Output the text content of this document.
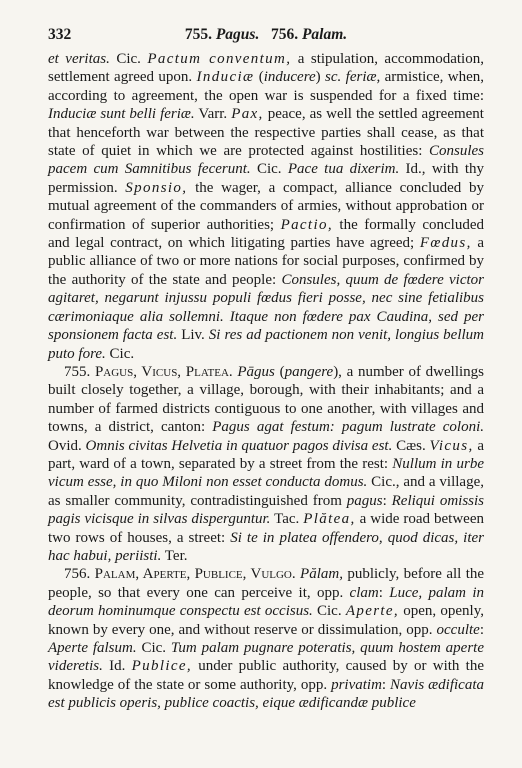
332	755. Pagus. 756. Palam.

et veritas. Cic. Pactum conventum, a stipulation, accommodation, settlement agreed upon. Induciæ (inducere) sc. feriæ, armistice, when, according to agreement, the open war is suspended for a fixed time: Induciæ sunt belli feriæ. Varr. Pax, peace, as well the settled agreement that henceforth war between the respective parties shall cease, as that state of quiet in which we are protected against hostilities: Consules pacem cum Samnitibus fecerunt. Cic. Pace tua dixerim. Id., with thy permission. Sponsio, the wager, a compact, alliance concluded by mutual agreement of the commanders of armies, without approbation or confirmation of superior authorities; Pactio, the formally concluded and legal contract, on which litigating parties have agreed; Fœdus, a public alliance of two or more nations for social purposes, confirmed by the authority of the state and people: Consules, quum de fœdere victor agitaret, negarunt injussu populi fœdus fieri posse, nec sine fetialibus cærimoniaque alia sollemni. Itaque non fœdere pax Caudina, sed per sponsionem facta est. Liv. Si res ad pactionem non venit, longius bellum puto fore. Cic.

755. Pagus, Vicus, Platea. Pāgus (pangere), a number of dwellings built closely together, a village, borough, with their inhabitants; and a number of farmed districts contiguous to one another, with villages and towns, a district, canton: Pagus agat festum: pagum lustrate coloni. Ovid. Omnis civitas Helvetia in quatuor pagos divisa est. Cæs. Vicus, a part, ward of a town, separated by a street from the rest: Nullum in urbe vicum esse, in quo Miloni non esset conducta domus. Cic., and a village, as smaller community, contradistinguished from pagus: Reliqui omissis pagis vicisque in silvas disperguntur. Tac. Plătea, a wide road between two rows of houses, a street: Si te in platea offendero, quod dicas, iter hac habui, periisti. Ter.

756. Palam, Aperte, Publice, Vulgo. Pălam, publicly, before all the people, so that every one can perceive it, opp. clam: Luce, palam in deorum hominumque conspectu est occisus. Cic. Aperte, open, openly, known by every one, and without reserve or dissimulation, opp. occulte: Aperte falsum. Cic. Tum palam pugnare poteratis, quum hostem aperte videretis. Id. Publice, under public authority, caused by or with the knowledge of the state or some authority, opp. privatim: Navis ædificata est publicis operis, publice coactis, eique ædificandæ publice
